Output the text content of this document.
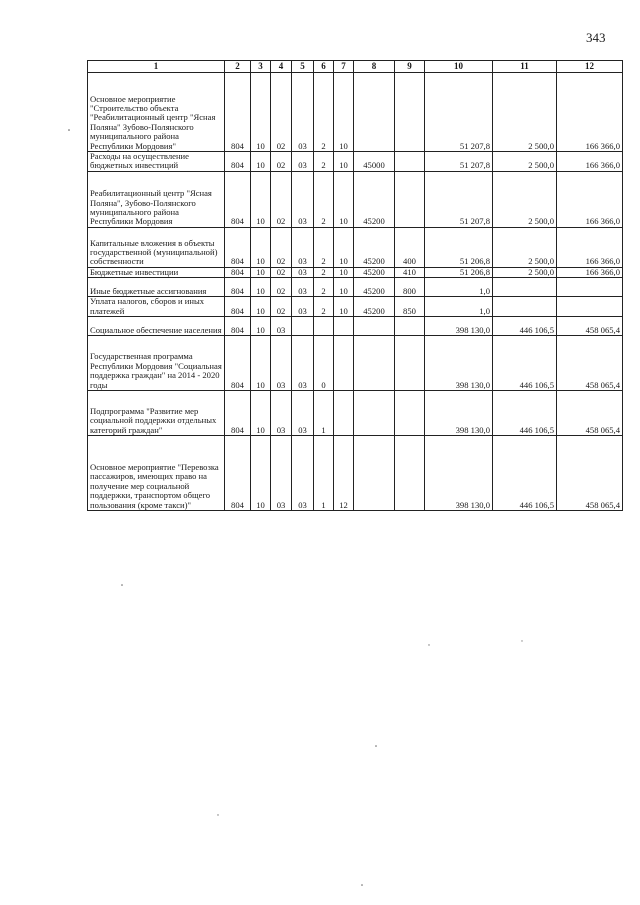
343
1	2	3	4	5	6	7	8	9	10	11	12
Основное мероприятие "Строительство объекта "Реабилитационный центр "Ясная Поляна" Зубово-Полянского муниципального района Республики Мордовия"	804	10	02	03	2	10			51 207,8	2 500,0	166 366,0
Расходы на осуществление бюджетных инвестиций	804	10	02	03	2	10	45000		51 207,8	2 500,0	166 366,0
Реабилитационный центр "Ясная Поляна", Зубово-Полянского муниципального района Республики Мордовия	804	10	02	03	2	10	45200		51 207,8	2 500,0	166 366,0
Капитальные вложения в объекты государственной (муниципальной) собственности	804	10	02	03	2	10	45200	400	51 206,8	2 500,0	166 366,0
Бюджетные инвестиции	804	10	02	03	2	10	45200	410	51 206,8	2 500,0	166 366,0
Иные бюджетные ассигнования	804	10	02	03	2	10	45200	800	1,0		
Уплата налогов, сборов и иных платежей	804	10	02	03	2	10	45200	850	1,0		
Социальное обеспечение населения	804	10	03						398 130,0	446 106,5	458 065,4
Государственная программа Республики Мордовия "Социальная поддержка граждан" на 2014 - 2020 годы	804	10	03	03	0				398 130,0	446 106,5	458 065,4
Подпрограмма "Развитие мер социальной поддержки отдельных категорий граждан"	804	10	03	03	1				398 130,0	446 106,5	458 065,4
Основное мероприятие "Перевозка пассажиров, имеющих право на получение мер социальной поддержки, транспортом общего пользования (кроме такси)"	804	10	03	03	1	12			398 130,0	446 106,5	458 065,4
